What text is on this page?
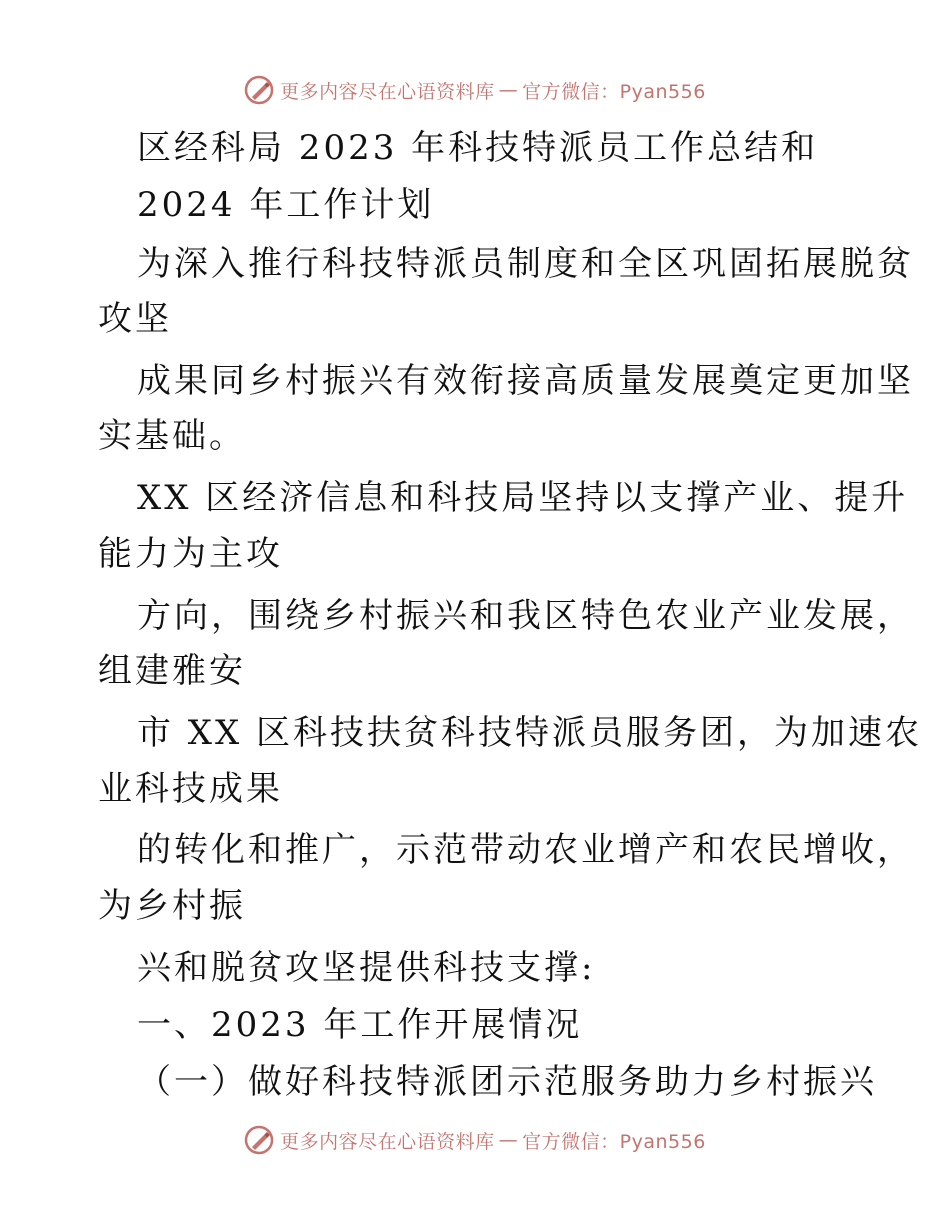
更多内容尽在心语资料库 — 官方微信：Pyan556
区经科局 2023 年科技特派员工作总结和
2024 年工作计划
为深入推行科技特派员制度和全区巩固拓展脱贫
攻坚
成果同乡村振兴有效衔接高质量发展奠定更加坚
实基础。
XX 区经济信息和科技局坚持以支撑产业、提升
能力为主攻
方向，围绕乡村振兴和我区特色农业产业发展，
组建雅安
市 XX 区科技扶贫科技特派员服务团，为加速农
业科技成果
的转化和推广，示范带动农业增产和农民增收，
为乡村振
兴和脱贫攻坚提供科技支撑:
一、2023 年工作开展情况
（一）做好科技特派团示范服务助力乡村振兴
更多内容尽在心语资料库 — 官方微信：Pyan556
